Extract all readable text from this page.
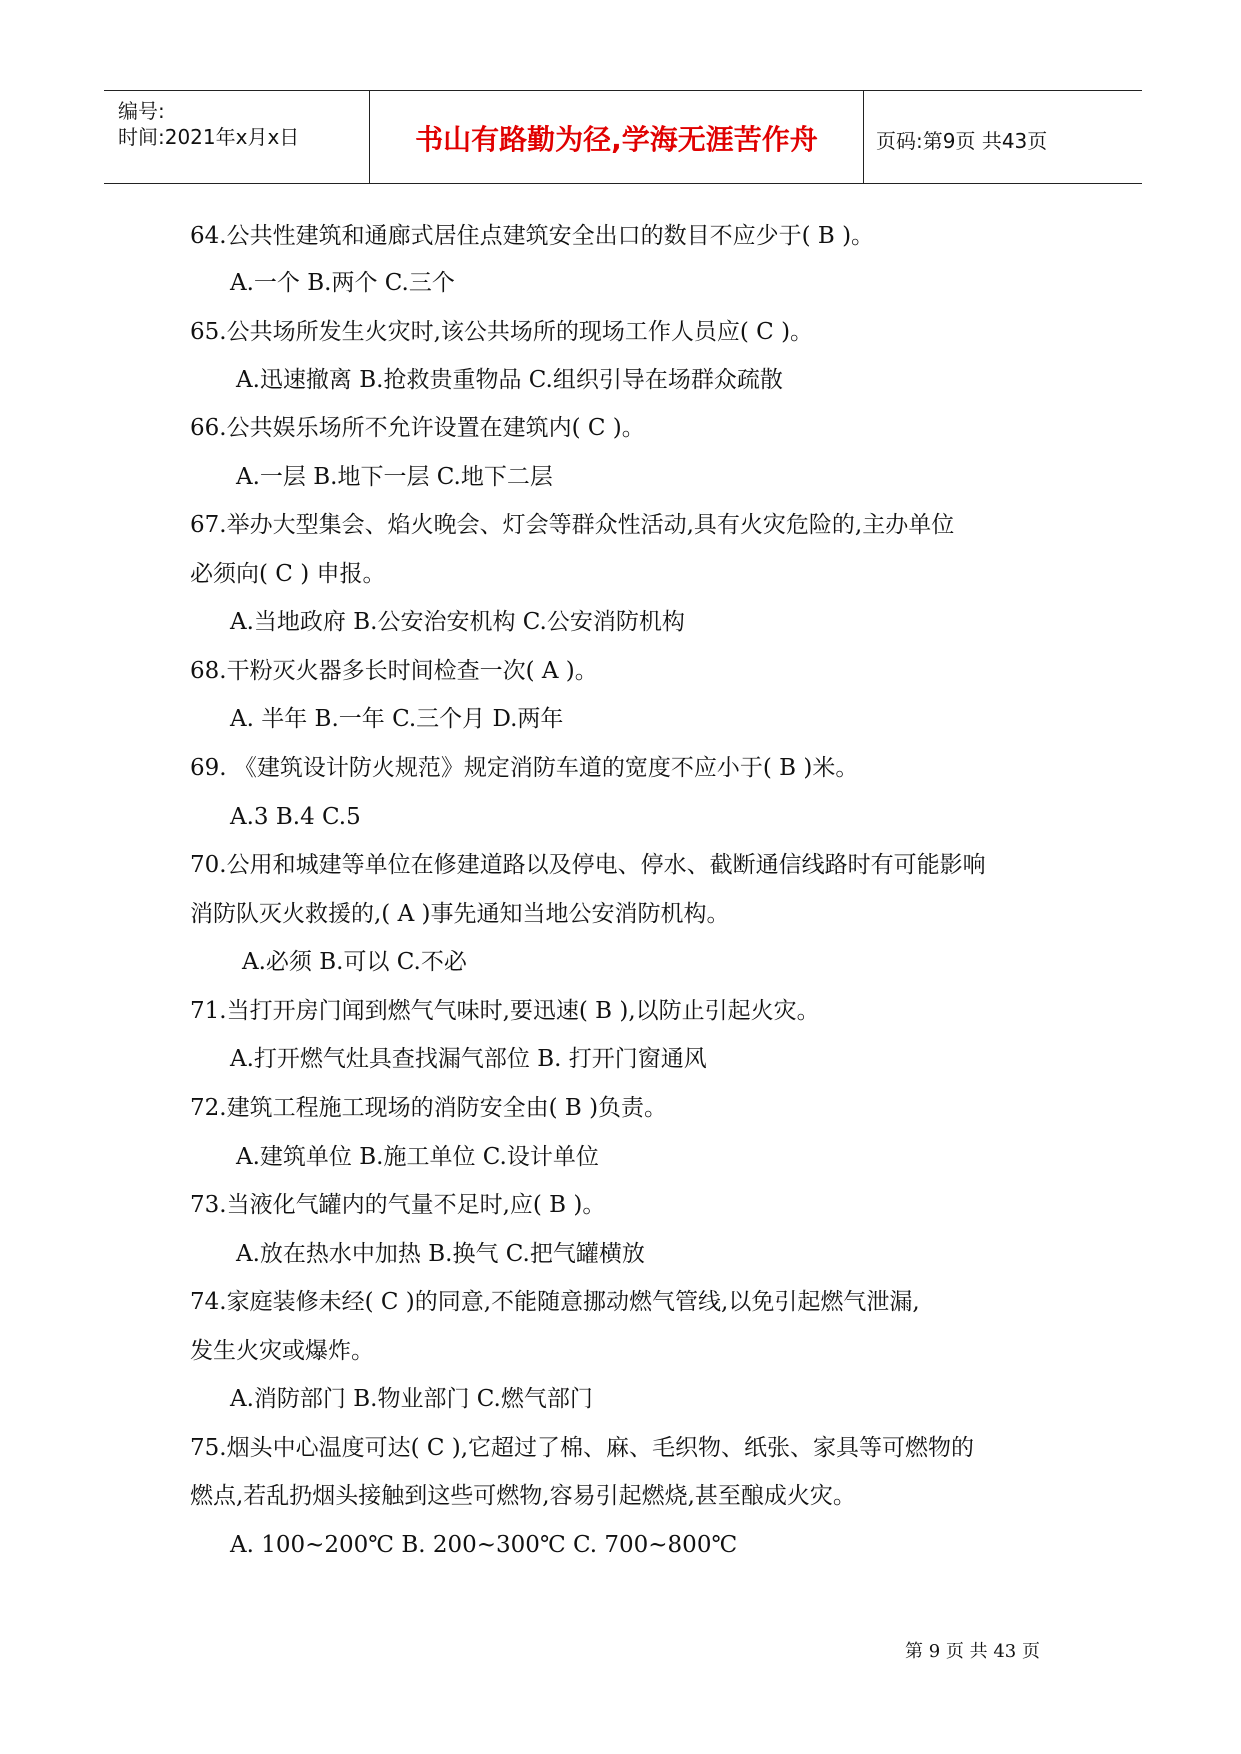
编号:
时间:2021年x月x日	书山有路勤为径,学海无涯苦作舟	页码:第9页 共43页
64.公共性建筑和通廊式居住点建筑安全出口的数目不应少于( B )。
A.一个 B.两个 C.三个
65.公共场所发生火灾时,该公共场所的现场工作人员应( C )。
A.迅速撤离 B.抢救贵重物品 C.组织引导在场群众疏散
66.公共娱乐场所不允许设置在建筑内( C )。
A.一层 B.地下一层 C.地下二层
67.举办大型集会、焰火晚会、灯会等群众性活动,具有火灾危险的,主办单位
必须向( C ) 申报。
A.当地政府 B.公安治安机构 C.公安消防机构
68.干粉灭火器多长时间检查一次( A )。
A. 半年 B.一年 C.三个月 D.两年
69. 《建筑设计防火规范》规定消防车道的宽度不应小于( B )米。
A.3 B.4 C.5
70.公用和城建等单位在修建道路以及停电、停水、截断通信线路时有可能影响
消防队灭火救援的,( A )事先通知当地公安消防机构。
A.必须 B.可以 C.不必
71.当打开房门闻到燃气气味时,要迅速( B ),以防止引起火灾。
A.打开燃气灶具查找漏气部位 B. 打开门窗通风
72.建筑工程施工现场的消防安全由( B )负责。
A.建筑单位 B.施工单位 C.设计单位
73.当液化气罐内的气量不足时,应( B )。
A.放在热水中加热 B.换气 C.把气罐横放
74.家庭装修未经( C )的同意,不能随意挪动燃气管线,以免引起燃气泄漏,
发生火灾或爆炸。
A.消防部门 B.物业部门 C.燃气部门
75.烟头中心温度可达( C ),它超过了棉、麻、毛织物、纸张、家具等可燃物的
燃点,若乱扔烟头接触到这些可燃物,容易引起燃烧,甚至酿成火灾。
A. 100~200℃ B. 200~300℃ C. 700~800℃
第 9 页 共 43 页
